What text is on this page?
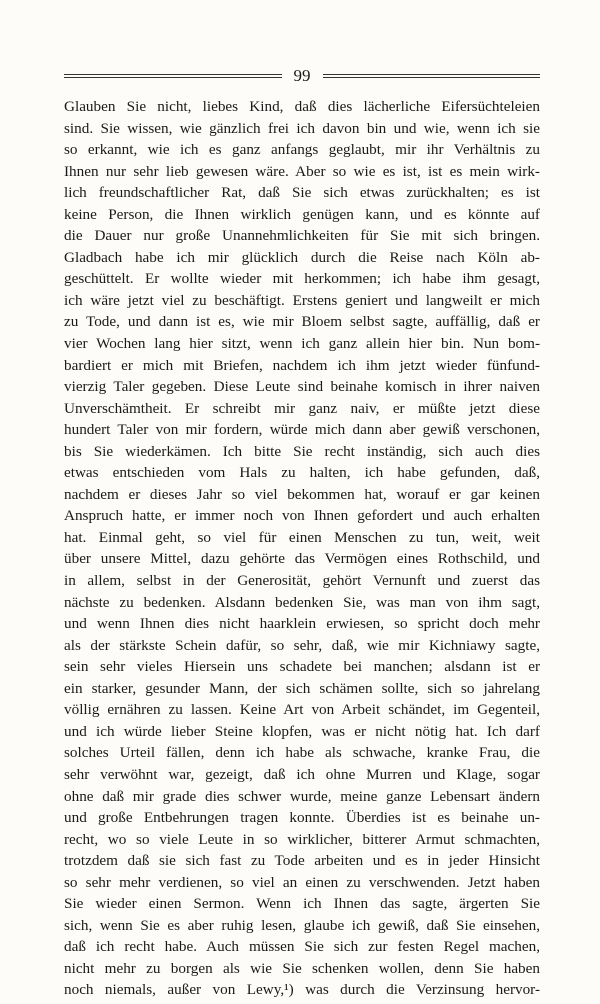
99
Glauben Sie nicht, liebes Kind, daß dies lächerliche Eifersüchteleien
sind. Sie wissen, wie gänzlich frei ich davon bin und wie, wenn ich sie
so erkannt, wie ich es ganz anfangs geglaubt, mir ihr Verhältnis zu
Ihnen nur sehr lieb gewesen wäre. Aber so wie es ist, ist es mein wirk-
lich freundschaftlicher Rat, daß Sie sich etwas zurückhalten; es ist
keine Person, die Ihnen wirklich genügen kann, und es könnte auf
die Dauer nur große Unannehmlichkeiten für Sie mit sich bringen.
Gladbach habe ich mir glücklich durch die Reise nach Köln ab-
geschüttelt. Er wollte wieder mit herkommen; ich habe ihm gesagt,
ich wäre jetzt viel zu beschäftigt. Erstens geniert und langweilt er mich
zu Tode, und dann ist es, wie mir Bloem selbst sagte, auffällig, daß er
vier Wochen lang hier sitzt, wenn ich ganz allein hier bin. Nun bom-
bardiert er mich mit Briefen, nachdem ich ihm jetzt wieder fünfund-
vierzig Taler gegeben. Diese Leute sind beinahe komisch in ihrer naiven
Unverschämtheit. Er schreibt mir ganz naiv, er müßte jetzt diese
hundert Taler von mir fordern, würde mich dann aber gewiß verschonen,
bis Sie wiederkämen. Ich bitte Sie recht inständig, sich auch dies
etwas entschieden vom Hals zu halten, ich habe gefunden, daß,
nachdem er dieses Jahr so viel bekommen hat, worauf er gar keinen
Anspruch hatte, er immer noch von Ihnen gefordert und auch erhalten
hat. Einmal geht, so viel für einen Menschen zu tun, weit, weit
über unsere Mittel, dazu gehörte das Vermögen eines Rothschild, und
in allem, selbst in der Generosität, gehört Vernunft und zuerst das
nächste zu bedenken. Alsdann bedenken Sie, was man von ihm sagt,
und wenn Ihnen dies nicht haarklein erwiesen, so spricht doch mehr
als der stärkste Schein dafür, so sehr, daß, wie mir Kichniawy sagte,
sein sehr vieles Hiersein uns schadete bei manchen; alsdann ist er
ein starker, gesunder Mann, der sich schämen sollte, sich so jahrelang
völlig ernähren zu lassen. Keine Art von Arbeit schändet, im Gegenteil,
und ich würde lieber Steine klopfen, was er nicht nötig hat. Ich darf
solches Urteil fällen, denn ich habe als schwache, kranke Frau, die
sehr verwöhnt war, gezeigt, daß ich ohne Murren und Klage, sogar
ohne daß mir grade dies schwer wurde, meine ganze Lebensart ändern
und große Entbehrungen tragen konnte. Überdies ist es beinahe un-
recht, wo so viele Leute in so wirklicher, bitterer Armut schmachten,
trotzdem daß sie sich fast zu Tode arbeiten und es in jeder Hinsicht
so sehr mehr verdienen, so viel an einen zu verschwenden. Jetzt haben
Sie wieder einen Sermon. Wenn ich Ihnen das sagte, ärgerten Sie
sich, wenn Sie es aber ruhig lesen, glaube ich gewiß, daß Sie einsehen,
daß ich recht habe. Auch müssen Sie sich zur festen Regel machen,
nicht mehr zu borgen als wie Sie schenken wollen, denn Sie haben
noch niemals, außer von Lewy,¹) was durch die Verzinsung hervor-
